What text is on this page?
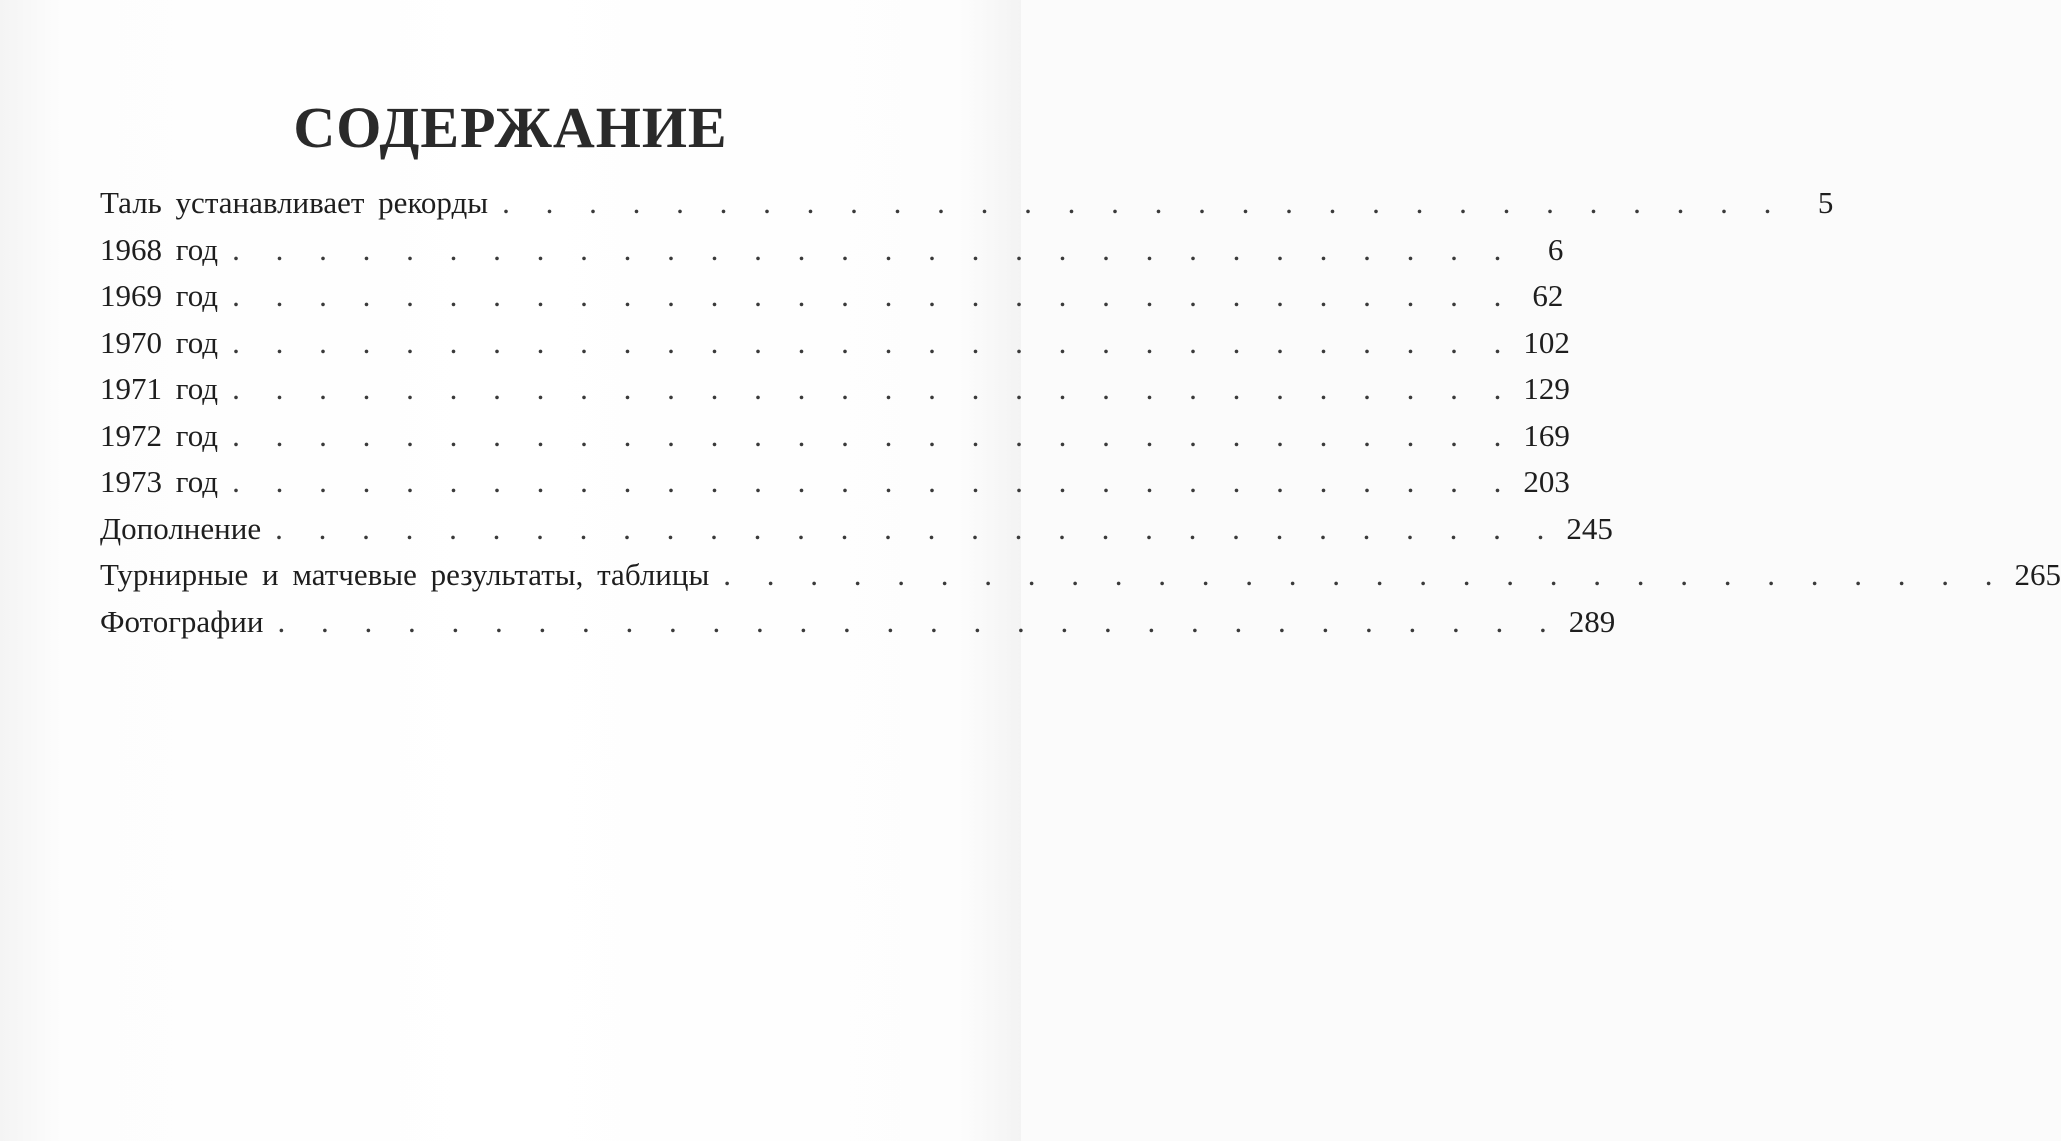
СОДЕРЖАНИЕ
Таль устанавливает рекорды . . . . . . . . . . . . . . . . . . . . . . . . . . . . . .	5
1968 год . . . . . . . . . . . . . . . . . . . . . . . . . . . . . .	6
1969 год . . . . . . . . . . . . . . . . . . . . . . . . . . . . . . 62
1970 год . . . . . . . . . . . . . . . . . . . . . . . . . . . . . . 102
1971 год . . . . . . . . . . . . . . . . . . . . . . . . . . . . . . 129
1972 год . . . . . . . . . . . . . . . . . . . . . . . . . . . . . . 169
1973 год . . . . . . . . . . . . . . . . . . . . . . . . . . . . . . 203
Дополнение . . . . . . . . . . . . . . . . . . . . . . . . . . . . . . 245
Турнирные и матчевые результаты, таблицы . . . . . . . . . . . . . . . . . . . . . . . . . . . . . . 265
Фотографии . . . . . . . . . . . . . . . . . . . . . . . . . . . . . . 289
